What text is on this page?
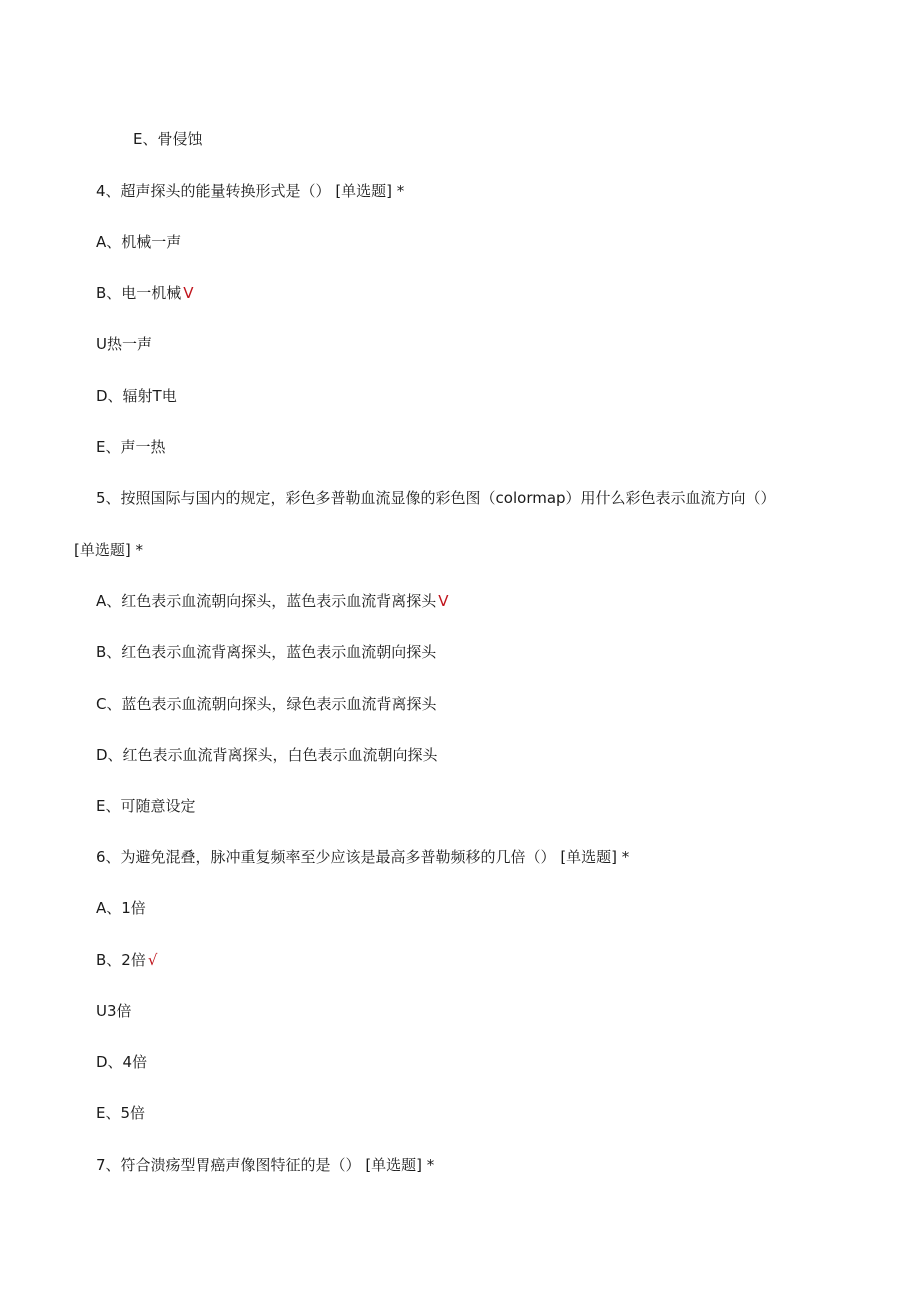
E、骨侵蚀
4、超声探头的能量转换形式是（） [单选题] *
A、机械一声
B、电一机械 V
U热一声
D、辐射T电
E、声一热
5、按照国际与国内的规定，彩色多普勒血流显像的彩色图（colormap）用什么彩色表示血流方向（）
[单选题] *
A、红色表示血流朝向探头，蓝色表示血流背离探头 V
B、红色表示血流背离探头，蓝色表示血流朝向探头
C、蓝色表示血流朝向探头，绿色表示血流背离探头
D、红色表示血流背离探头，白色表示血流朝向探头
E、可随意设定
6、为避免混叠，脉冲重复频率至少应该是最高多普勒频移的几倍（） [单选题] *
A、1倍
B、2倍 √
U3倍
D、4倍
E、5倍
7、符合溃疡型胃癌声像图特征的是（） [单选题] *
